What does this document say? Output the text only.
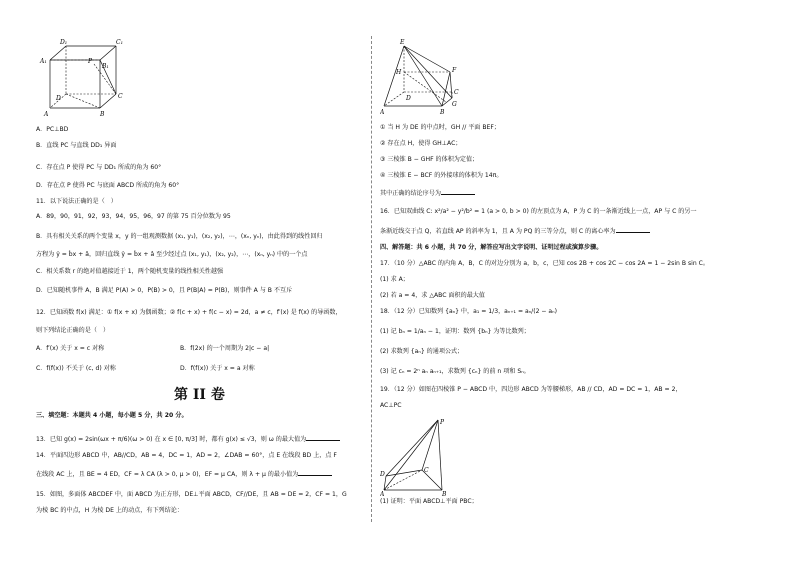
D₁	C₁
A₁
B₁
P
D	C
A	B
A．PC⊥BD
B．直线 PC 与直线 DD₁ 异面
C．存在点 P 使得 PC 与 DD₁ 所成的角为 60°
D．存在点 P 使得 PC 与底面 ABCD 所成的角为 60°
11．以下说法正确的是（　）
A．89，90，91，92，93，94，95，96，97 的第 75 百分位数为 95
B．具有相关关系的两个变量 x，y 的一组观测数据 (x₁, y₁)，(x₂, y₂)，⋯，(xₙ, yₙ)，由此得到的线性回归
方程为 ŷ = b̂x + â，回归直线 ŷ = b̂x + â 至少经过点 (x₁, y₁)，(x₂, y₂)，⋯，(xₙ, yₙ) 中的一个点
C．相关系数 r 的绝对值越接近于 1，两个随机变量的线性相关性越强
D．已知随机事件 A，B 满足 P(A) > 0，P(B) > 0，且 P(B|A) = P(B)，则事件 A 与 B 不互斥
12．已知函数 f(x) 满足：① f(x + x) 为偶函数；② f(c + x) + f(c − x) = 2d，a ≠ c，f′(x) 是 f(x) 的导函数，
则下列结论正确的是（　）
A．f′(x) 关于 x = c 对称	B．f(2x) 的一个周期为 2|c − a|
C．f(f(x)) 不关于 (c, d) 对称	D．f(f(x)) 关于 x = a 对称
第 II 卷
三、填空题：本题共 4 小题，每小题 5 分，共 20 分。
13．已知 g(x) = 2sin(ωx + π/6)(ω > 0) 在 x ∈ [0, π/3] 时，都有 g(x) ≤ √3，则 ω 的最大值为
14．平面四边形 ABCD 中，AB//CD，AB = 4，DC = 1，AD = 2，∠DAB = 60°，点 E 在线段 BD 上，点 F
在线段 AC 上，且 BE = 4 ED，CF = λ CA (λ > 0, μ > 0)，EF = μ CA，则 λ + μ 的最小值为
15．如图，多面体 ABCDEF 中，面 ABCD 为正方形，DE⊥平面 ABCD，CF//DE，且 AB = DE = 2，CF = 1，G
为棱 BC 的中点，H 为棱 DE 上的动点，有下列结论：
E
F
H
D
C
A	B
G
① 当 H 为 DE 的中点时，GH // 平面 BEF；
② 存在点 H，使得 GH⊥AC；
③ 三棱锥 B − GHF 的体积为定值；
④ 三棱锥 E − BCF 的外接球的体积为 14π。
其中正确的结论序号为
16．已知双曲线 C: x²/a² − y²/b² = 1 (a > 0, b > 0) 的左顶点为 A，P 为 C 的一条渐近线上一点，AP 与 C 的另一
条渐近线交于点 Q，若直线 AP 的斜率为 1，且 A 为 PQ 的三等分点，则 C 的离心率为
四、解答题：共 6 小题，共 70 分，解答应写出文字说明、证明过程或演算步骤。
17．（10 分）△ABC 的内角 A，B，C 的对边分别为 a，b，c，已知 cos 2B + cos 2C − cos 2A = 1 − 2sin B sin C。
(1) 求 A；
(2) 若 a = 4，求 △ABC 面积的最大值
18．（12 分）已知数列 {aₙ} 中，a₁ = 1/3，aₙ₊₁ = aₙ/(2 − aₙ)
(1) 记 bₙ = 1/aₙ − 1，证明：数列 {bₙ} 为等比数列；
(2) 求数列 {aₙ} 的通项公式；
(3) 记 cₙ = 2ⁿ aₙ aₙ₊₁，求数列 {cₙ} 的前 n 项和 Sₙ。
19．（12 分）如图在四棱锥 P − ABCD 中，四边形 ABCD 为等腰梯形，AB // CD，AD = DC = 1，AB = 2，
AC⊥PC
P
D
C
A	B
(1) 证明：平面 ABCD⊥平面 PBC；
